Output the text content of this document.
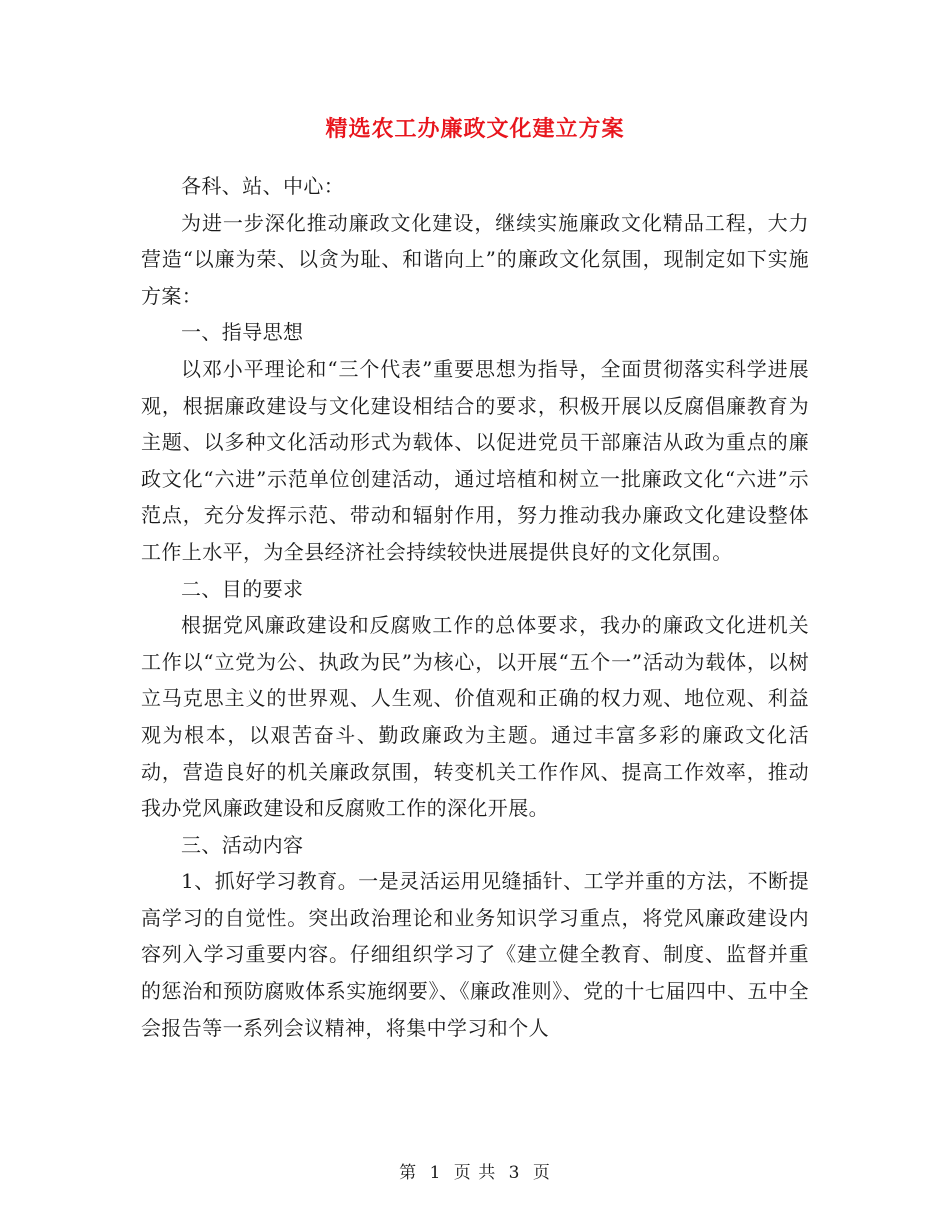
精选农工办廉政文化建立方案

各科、站、中心：

为进一步深化推动廉政文化建设，继续实施廉政文化精品工程，大力营造“以廉为荣、以贪为耻、和谐向上”的廉政文化氛围，现制定如下实施方案：

一、指导思想

以邓小平理论和“三个代表”重要思想为指导，全面贯彻落实科学进展观，根据廉政建设与文化建设相结合的要求，积极开展以反腐倡廉教育为主题、以多种文化活动形式为载体、以促进党员干部廉洁从政为重点的廉政文化“六进”示范单位创建活动，通过培植和树立一批廉政文化“六进”示范点，充分发挥示范、带动和辐射作用，努力推动我办廉政文化建设整体工作上水平，为全县经济社会持续较快进展提供良好的文化氛围。

二、目的要求

根据党风廉政建设和反腐败工作的总体要求，我办的廉政文化进机关工作以“立党为公、执政为民”为核心，以开展“五个一”活动为载体，以树立马克思主义的世界观、人生观、价值观和正确的权力观、地位观、利益观为根本，以艰苦奋斗、勤政廉政为主题。通过丰富多彩的廉政文化活动，营造良好的机关廉政氛围，转变机关工作作风、提高工作效率，推动我办党风廉政建设和反腐败工作的深化开展。

三、活动内容

1、抓好学习教育。一是灵活运用见缝插针、工学并重的方法，不断提高学习的自觉性。突出政治理论和业务知识学习重点，将党风廉政建设内容列入学习重要内容。仔细组织学习了《建立健全教育、制度、监督并重的惩治和预防腐败体系实施纲要》、《廉政准则》、党的十七届四中、五中全会报告等一系列会议精神，将集中学习和个人

第 1 页 共 3 页
